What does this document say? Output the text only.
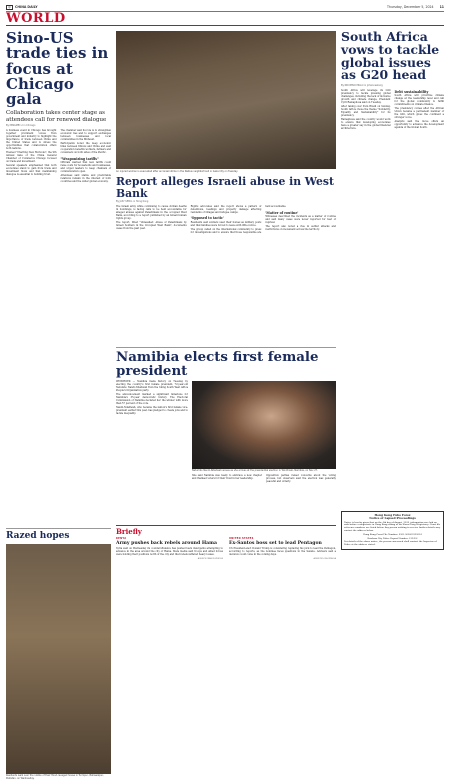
中	CHINA DAILY	Thursday, December 5, 2024 11
WORLD
Sino-US trade ties in focus at Chicago gala
Collaboration takes center stage as attendees call for renewed dialogue
By MINGMEI LI in Chicago

A business event in Chicago has brought together prominent voices from government and industry to highlight the importance of trade between China and the United States and to stress the opportunities that collaboration offers both nations.

Themed "Charting New Horizons", the 9th Annual Gala of the China General Chamber of Commerce Chicago focused on trade and investment.

Several speakers emphasized that both economies stand to gain from trade and investment flows and that maintaining dialogue is essential to building trust.

The chamber said its role is to strengthen economic ties and to support exchanges between businesses and local communities in the Midwest.

Participants noted the deep economic links between Illinois and China and said cooperation benefits workers, farmers and consumers on both sides of the Pacific.

"Weaponizing tariffs"

Officials warned that new tariffs could raise costs for households and businesses, and urged leaders to keep channels of communication open.

Attendees said stable and predictable relations remain in the interest of both countries and the wider global economy.

Razed hopes
Residents walk over the rubble of their flood-ravaged house in Turmpur, Bahawalpur, Pakistan, on Wednesday.
An injured woman is evacuated after an Israeli strike in the Nablus neighborhood in Gaza City on Tuesday.
Report alleges Israeli abuse in West Bank
By JAN YUMUL in Hong Kong

The Israeli army while continuing to cause civilian deaths in bombings, is facing calls to be held accountable for alleged abuses against Palestinians in the occupied West Bank, according to a report published by an Israeli human rights group.

The report, titled "Unleashed: Abuse of Palestinians by Israeli Soldiers in the Occupied West Bank", documents cases from the past year.

Rights advocates said the report shows a pattern of detentions, beatings and property damage affecting residents of villages and refugee camps.

'Opposed to tactic'

Residents said soldiers used their homes as military posts and that families were forced to leave with little notice.

The group called on the international community to press for investigations and to ensure that those responsible are held accountable.

'Matter of routine'

Witnesses described the incidents as a matter of routine and said many cases were never reported for fear of reprisal.

The report also noted a rise in settler attacks and restrictions on movement across the territory.

Namibia elects first female president

WINDHOEK — Namibia made history on Tuesday by electing the country's first female president, 72-year-old Netumbo Nandi-Ndaitwah from the ruling South West Africa People's Organization party.

The announcement marked a significant milestone for Namibia's 35-year democratic history. The Electoral Commission of Namibia declared her the winner with more than 57 percent of the vote.

Nandi-Ndaitwah, who became the nation's first female vice-president earlier this year, has pledged to create jobs and to tackle inequality.

Netumbo Nandi-Ndaitwah waves as she arrives at the presidential election in Windhoek, Namibia, on Nov 27.

She said Namibia was ready to embrace a new chapter and thanked voters for their trust in her leadership.

Opposition parties raised concerns about the voting process, but observers said the election was generally peaceful and orderly.

Briefly
KENYA
Army pushes back rebels around Hama
Syria said on Wednesday its counteroffensive has pushed back insurgents attempting to advance in the area around the city of Hama. State media said troops and allied forces were holding their positions north of the city and that rebels suffered heavy losses.
AGENCE FRANCE-PRESSE
UNITED STATES
Ex-Santos boss set to lead Pentagon
US President-elect Donald Trump is considering replacing his pick to lead the Pentagon, according to reports, as the nominee faces questions in the Senate. Advisers said a decision could come in the coming days.
AGENCIES VIA XINHUA
South Africa vows to tackle global issues as G20 head
By NDUMISO MILLO in Johannesburg

South Africa will leverage its G20 presidency to tackle pressing global challenges, including the lack of inclusive growth and climate change, President Cyril Ramaphosa said on Tuesday.

After taking over from Brazil on Sunday, South Africa chose the theme "Solidarity, Equality and Sustainability" for its presidency.

Ramaphosa said the country would work to ensure that developing economies have a greater say in the global financial architecture.

Debt sustainability

South Africa will prioritize climate change at the leadership level and call for the global community to fulfill commitments on climate finance.

The presidency comes after the African Union became a permanent member of the G20, which gives the continent a stronger voice.

Analysts said the move offers an opportunity to advance the development agenda of the Global South.

Hong Kong Fubo Forex
Notice of Lapsed Proceedings
Notice is hereby given that on the 4th day of August, 2024, information was laid on oath before a magistrate in Hong Kong sitting at the Kwun Tong Magistracy. Court file reference numbers are listed below. Any person wishing to receive further details may contact the address below.
Hong Kong Court File Number: 4301-900003232024
Kowloon City Police Report Number: 123456
For details of the above notice, the person concerned shall contact the Inspector of Police at the address stated.
